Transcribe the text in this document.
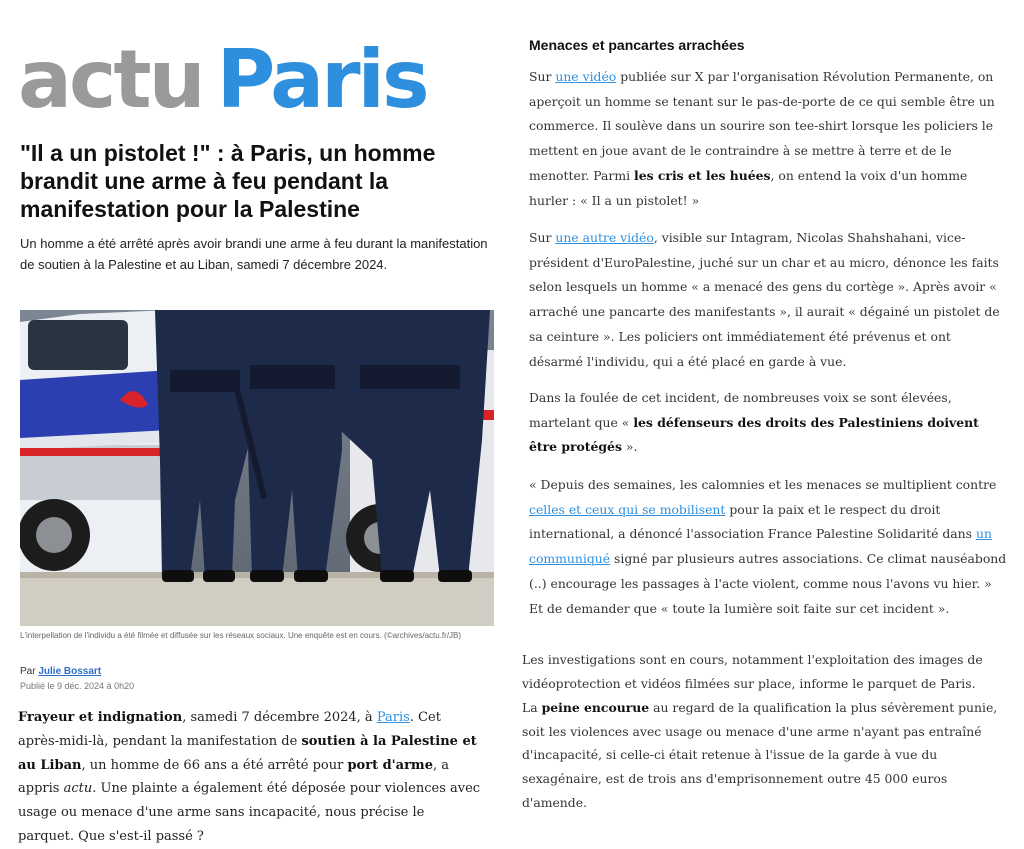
actu Paris
"Il a un pistolet !" : à Paris, un homme brandit une arme à feu pendant la manifestation pour la Palestine

Un homme a été arrêté après avoir brandi une arme à feu durant la manifestation de soutien à la Palestine et au Liban, samedi 7 décembre 2024.

L'interpellation de l'individu a été filmée et diffusée sur les réseaux sociaux. Une enquête est en cours. (©archives/actu.fr/JB)
Par Julie Bossart
Publié le 9 déc. 2024 à 0h20

Frayeur et indignation, samedi 7 décembre 2024, à Paris. Cet après-midi-là, pendant la manifestation de soutien à la Palestine et au Liban, un homme de 66 ans a été arrêté pour port d'arme, a appris actu. Une plainte a également été déposée pour violences avec usage ou menace d'une arme sans incapacité, nous précise le parquet. Que s'est-il passé ?

Menaces et pancartes arrachées

Sur une vidéo publiée sur X par l'organisation Révolution Permanente, on aperçoit un homme se tenant sur le pas-de-porte de ce qui semble être un commerce. Il soulève dans un sourire son tee-shirt lorsque les policiers le mettent en joue avant de le contraindre à se mettre à terre et de le menotter. Parmi les cris et les huées, on entend la voix d'un homme hurler : « Il a un pistolet! »

Sur une autre vidéo, visible sur Intagram, Nicolas Shahshahani, vice-président d'EuroPalestine, juché sur un char et au micro, dénonce les faits selon lesquels un homme « a menacé des gens du cortège ». Après avoir « arraché une pancarte des manifestants », il aurait « dégainé un pistolet de sa ceinture ». Les policiers ont immédiatement été prévenus et ont désarmé l'individu, qui a été placé en garde à vue.

Dans la foulée de cet incident, de nombreuses voix se sont élevées, martelant que « les défenseurs des droits des Palestiniens doivent être protégés ».

« Depuis des semaines, les calomnies et les menaces se multiplient contre celles et ceux qui se mobilisent pour la paix et le respect du droit international, a dénoncé l'association France Palestine Solidarité dans un communiqué signé par plusieurs autres associations. Ce climat nauséabond (..) encourage les passages à l'acte violent, comme nous l'avons vu hier. » Et de demander que « toute la lumière soit faite sur cet incident ».

Les investigations sont en cours, notamment l'exploitation des images de vidéoprotection et vidéos filmées sur place, informe le parquet de Paris.

La peine encourue au regard de la qualification la plus sévèrement punie, soit les violences avec usage ou menace d'une arme n'ayant pas entraîné d'incapacité, si celle-ci était retenue à l'issue de la garde à vue du sexagénaire, est de trois ans d'emprisonnement outre 45 000 euros d'amende.
